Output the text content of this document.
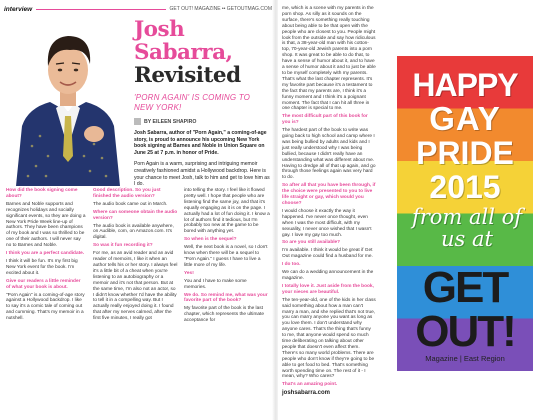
interview	GET OUT! MAGAZINE •• GETOUTMAG.COM
Josh
Sabarra,
Revisited
'PORN AGAIN' IS COMING TO NEW YORK!
BY EILEEN SHAPIRO

Josh Sabarra, author of "Porn Again," a coming-of-age story, is proud to announce his upcoming New York book signing at Barnes and Noble in Union Square on June 25 at 7 p.m. in honor of Pride.

Porn Again is a warm, surprising and intriguing memoir creatively fashioned amidst a Hollywood backdrop. Here is your chance to meet Josh, talk to him and get to love him as I do.

How did the book signing come about?

Barnes and Noble supports and recognizes holidays and socially significant events, so they are doing a New York Pride Week line-up of authors. They have been champions of my book and I was so thrilled to be one of their authors. I will never say no to Barnes and Noble.

I think you are a perfect candidate.

I think it will be fun. It's my first big New York event for the book. I'm excited about it.

Give our readers a little reminder of what your book is about.

"Porn Again" is a coming-of-age story against a Hollywood backdrop. I like to say it's a comic tale of coming out and cumming. That's my memoir in a nutshell.

Good description. So you just finished the audio version?

The audio book came out in March.

Where can someone obtain the audio version?

The audio book is available anywhere, on Audible, com, on Amazon.com. It's digital.

So was it fun recording it?

For me, as an avid reader and an avid reader of memoirs, I like it when an author tells his or her story. I always feel it's a little bit of a cheat when you're listening to an autobiography or a memoir and it's not that person. But at the same time, I'm also not an actor, so I didn't know whether I'd have the ability to tell it in a compelling way. But I actually really enjoyed doing it. I found that after my nerves calmed, after the first five minutes, I really got

into telling the story. I feel like it flowed pretty well. I hope that people who are listening find the same joy, and that it's equally engaging as it is on the page. I actually had a lot of fun doing it. I know a lot of authors find it tedious, but I'm probably too new at the game to be bored with anything yet.

So when is the sequel?

Well, the next book is a novel, so I don't know when there will be a sequel to "Porn Again." I guess I have to live a little more of my life.

Yes!

You and I have to make some memories.

We do. So remind me, what was your favorite part of the book?

My favorite part of the book is the last chapter, which represents the ultimate acceptance for

me, which is a scene with my parents in the porn shop. As silly as it sounds on the surface, there's something really touching about being able to be that open with the people who are closest to you. People might look from the outside and say how ridiculous is that, a 38-year-old man with his cotton-top, 70-year-old Jewish parents into a porn shop. It was great to be able to do that, to have a sense of humor about it, and to have a sense of humor about it and to just be able to be myself completely with my parents. That's what the last chapter represents. It's my favorite part because it's a testament to the fact that my parents are, I think it's a funny moment and I think it's a poignant moment. The fact that I can hit all three in one chapter is special to me.

The most difficult part of this book for you is?

The hardest part of the book to write was going back to high school and camp where I was being bullied by adults and kids and I just really understood why I was being bullied, because I didn't really have an understanding what was different about me. Having to dredge all of that up again, and go through those feelings again was very hard to do.

So after all that you have been through, if the choice were presented to you to live life straight or gay, which would you choose?

I would choose it exactly the way it happened. I've never once thought, even when I was the most difficult, with my sexuality, I never once wished that I wasn't gay. I love my gay too much.

So are you still available?

I'm available. I think it would be great if Get Out magazine could find a husband for me.

I do too.

We can do a wedding announcement in the magazine.

I totally love it. Just aside from the book, your nieces are beautiful.

The ten-year-old, one of the kids in her class said something about how a man can't marry a man, and she replied that's not true, you can marry anyone you want as long as you love them. I don't understand why anyone cares. That's the thing that's funny to me, that anyone would spend so much time deliberating on talking about other people that doesn't even affect them. There's so many world problems. There are people who don't know if they're going to be able to get food to bed. That's something worth spending time on. The rest of it - I mean, why? Who cares?

That's an amazing point.

joshsabarra.com
HAPPY
GAY
PRIDE
2015
from all of us at
GET
OUT!
Magazine | East Region
